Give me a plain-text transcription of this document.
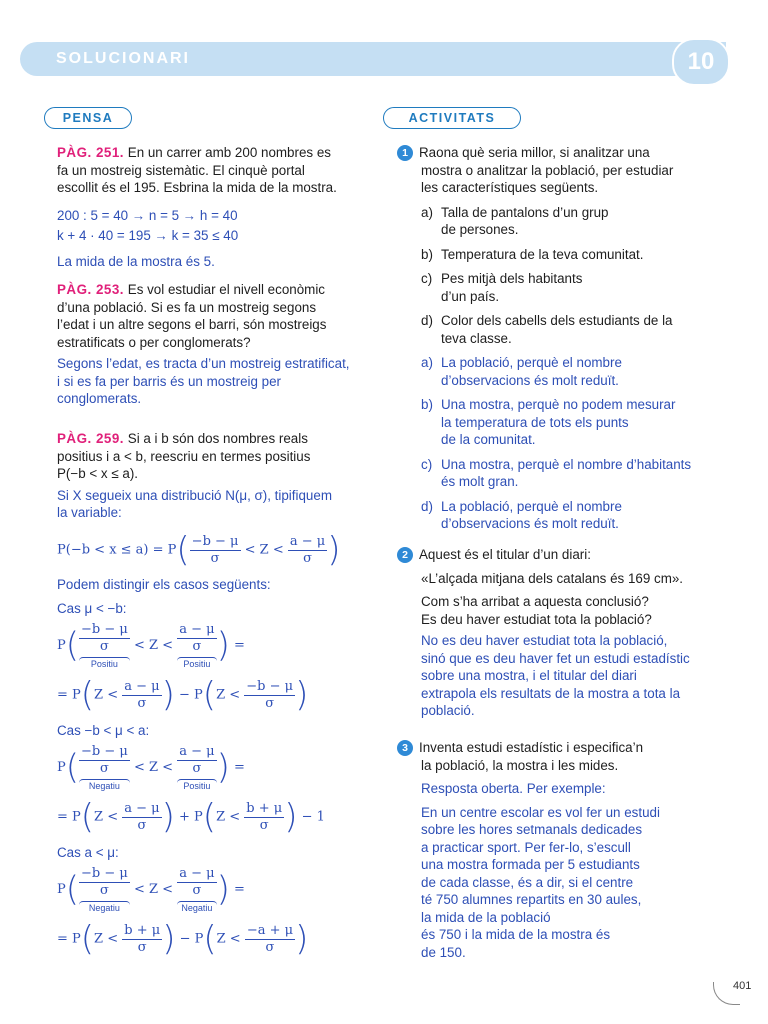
SOLUCIONARI	10
PENSA	ACTIVITATS

PÀG. 251. En un carrer amb 200 nombres es

fa un mostreig sistemàtic. El cinquè portal

escollit és el 195. Esbrina la mida de la mostra.

200 : 5 = 40 → n = 5 → h = 40

k + 4 · 40 = 195 → k = 35 ≤ 40

La mida de la mostra és 5.

PÀG. 253. Es vol estudiar el nivell econòmic

d’una població. Si es fa un mostreig segons

l’edat i un altre segons el barri, són mostreigs

estratificats o per conglomerats?

Segons l’edat, es tracta d’un mostreig estratificat,

i si es fa per barris és un mostreig per

conglomerats.

PÀG. 259. Si a i b són dos nombres reals

positius i a < b, reescriu en termes positius

P(−b < x ≤ a).

Si X segueix una distribució N(μ, σ), tipifiquem

la variable:

$P(-b < x \le a) = P( \frac{-b - \mu}{\sigma} < Z < \frac{a - \mu}{\sigma}$ )
Podem distingir els casos següents:
Cas μ < −b:
P( −b − μ
σ
Positiu
< Z <
a − μ
σ
Positiu ) =
= $P(Z < \frac{a - \mu}{\sigma}$ ) − $P(Z < \frac{-b - \mu}{\sigma}$ )
Cas −b < μ < a:
P( −b − μ
σ
Negatiu
< Z <
a − μ
σ
Positiu ) =
= $P(Z < \frac{a - \mu}{\sigma}$ ) + $P(Z < \frac{b + \mu}{\sigma}$ ) − 1
Cas a < μ:
P( −b − μ
σ
Negatiu
< Z <
a − μ
σ
Negatiu ) =
= $P(Z < \frac{b + \mu}{\sigma}$ ) − $P(Z < \frac{-a + \mu}{\sigma}$ )

1 Raona què seria millor, si analitzar una

mostra o analitzar la població, per estudiar

les característiques següents.

a) Talla de pantalons d’un grup
de persones.
b) Temperatura de la teva comunitat.
c) Pes mitjà dels habitants
d’un país.
d) Color dels cabells dels estudiants de la
teva classe.
a) La població, perquè el nombre
d’observacions és molt reduït.
b) Una mostra, perquè no podem mesurar
la temperatura de tots els punts
de la comunitat.
c) Una mostra, perquè el nombre d’habitants
és molt gran.
d) La població, perquè el nombre
d’observacions és molt reduït.

2 Aquest és el titular d’un diari:

«L’alçada mitjana dels catalans és 169 cm».

Com s’ha arribat a aquesta conclusió?

Es deu haver estudiat tota la població?

No es deu haver estudiat tota la població,

sinó que es deu haver fet un estudi estadístic

sobre una mostra, i el titular del diari

extrapola els resultats de la mostra a tota la

població.

3 Inventa estudi estadístic i especifica’n

la població, la mostra i les mides.

Resposta oberta. Per exemple:

En un centre escolar es vol fer un estudi

sobre les hores setmanals dedicades

a practicar sport. Per fer-lo, s’escull

una mostra formada per 5 estudiants

de cada classe, és a dir, si el centre

té 750 alumnes repartits en 30 aules,

la mida de la població

és 750 i la mida de la mostra és

de 150.

401
